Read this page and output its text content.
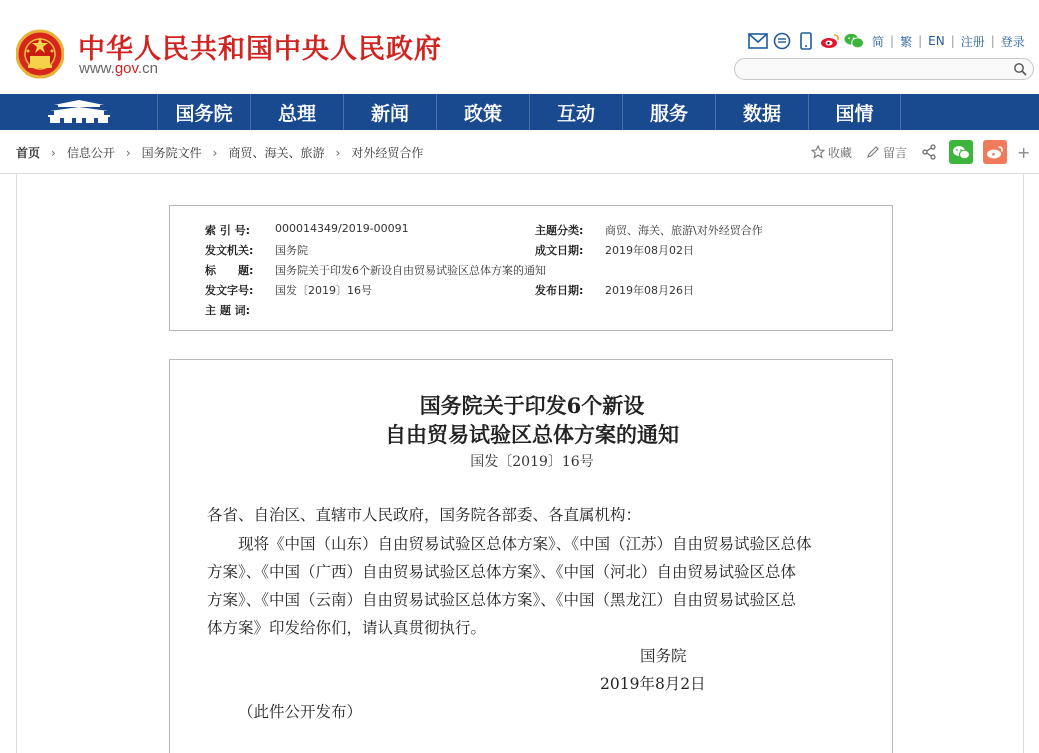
中华人民共和国中央人民政府
www.gov.cn
简 | 繁 | EN | 注册 | 登录
国务院	总理	新闻	政策	互动	服务	数据	国情
首页 › 信息公开 › 国务院文件 › 商贸、海关、旅游 › 对外经贸合作	收藏	留言	+
索 引 号:	000014349/2019-00091	主题分类:	商贸、海关、旅游\对外经贸合作
发文机关:	国务院	成文日期:	2019年08月02日
标　　题:	国务院关于印发6个新设自由贸易试验区总体方案的通知
发文字号:	国发〔2019〕16号	发布日期:	2019年08月26日
主 题 词:
国务院关于印发6个新设
自由贸易试验区总体方案的通知
国发〔2019〕16号
各省、自治区、直辖市人民政府，国务院各部委、各直属机构：
现将《中国（山东）自由贸易试验区总体方案》、《中国（江苏）自由贸易试验区总体
方案》、《中国（广西）自由贸易试验区总体方案》、《中国（河北）自由贸易试验区总体
方案》、《中国（云南）自由贸易试验区总体方案》、《中国（黑龙江）自由贸易试验区总
体方案》印发给你们，请认真贯彻执行。
国务院
2019年8月2日
（此件公开发布）
